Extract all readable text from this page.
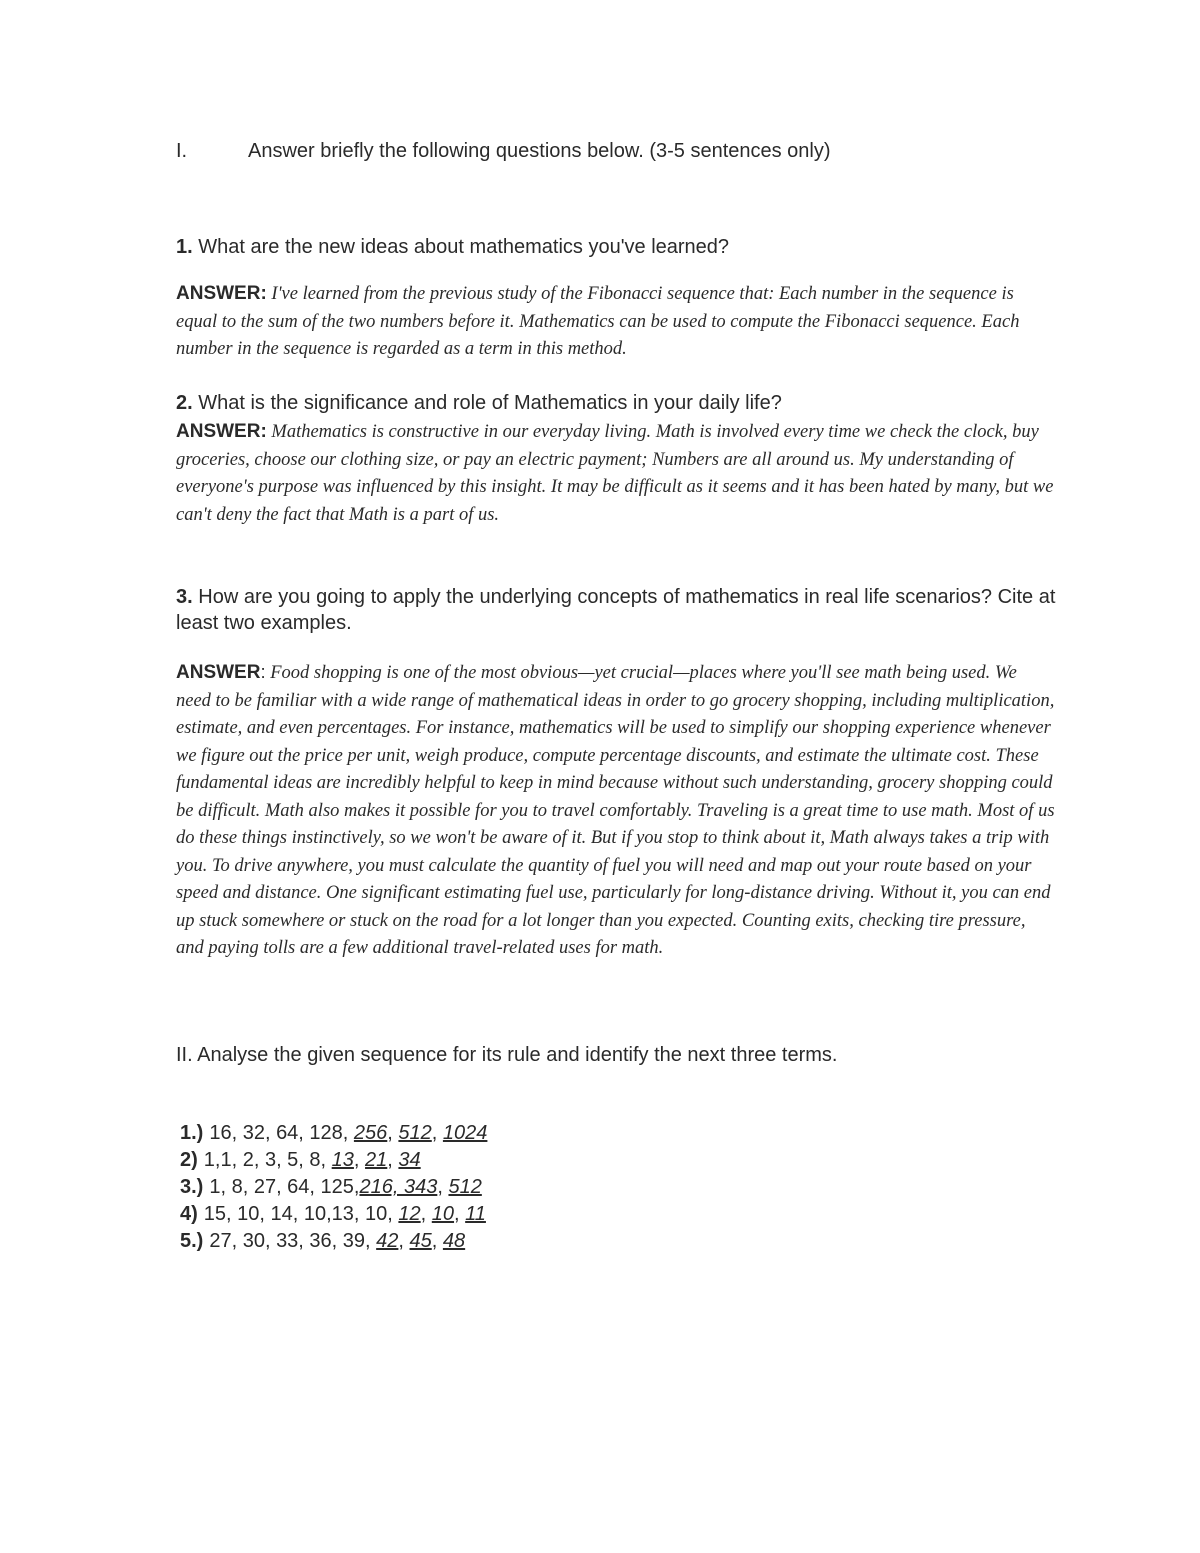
I.	Answer briefly the following questions below. (3-5 sentences only)
1. What are the new ideas about mathematics you've learned?
ANSWER: I've learned from the previous study of the Fibonacci sequence that: Each number in the sequence is equal to the sum of the two numbers before it. Mathematics can be used to compute the Fibonacci sequence. Each number in the sequence is regarded as a term in this method.
2. What is the significance and role of Mathematics in your daily life?
ANSWER: Mathematics is constructive in our everyday living. Math is involved every time we check the clock, buy groceries, choose our clothing size, or pay an electric payment; Numbers are all around us. My understanding of everyone's purpose was influenced by this insight. It may be difficult as it seems and it has been hated by many, but we can't deny the fact that Math is a part of us.
3. How are you going to apply the underlying concepts of mathematics in real life scenarios? Cite at least two examples.
ANSWER: Food shopping is one of the most obvious—yet crucial—places where you'll see math being used. We need to be familiar with a wide range of mathematical ideas in order to go grocery shopping, including multiplication, estimate, and even percentages. For instance, mathematics will be used to simplify our shopping experience whenever we figure out the price per unit, weigh produce, compute percentage discounts, and estimate the ultimate cost. These fundamental ideas are incredibly helpful to keep in mind because without such understanding, grocery shopping could be difficult. Math also makes it possible for you to travel comfortably. Traveling is a great time to use math. Most of us do these things instinctively, so we won't be aware of it. But if you stop to think about it, Math always takes a trip with you. To drive anywhere, you must calculate the quantity of fuel you will need and map out your route based on your speed and distance. One significant estimating fuel use, particularly for long-distance driving. Without it, you can end up stuck somewhere or stuck on the road for a lot longer than you expected. Counting exits, checking tire pressure, and paying tolls are a few additional travel-related uses for math.
II. Analyse the given sequence for its rule and identify the next three terms.
1.) 16, 32, 64, 128, 256, 512, 1024
2) 1,1, 2, 3, 5, 8, 13, 21, 34
3.) 1, 8, 27, 64, 125,216, 343, 512
4) 15, 10, 14, 10,13, 10, 12, 10, 11
5.) 27, 30, 33, 36, 39, 42, 45, 48
